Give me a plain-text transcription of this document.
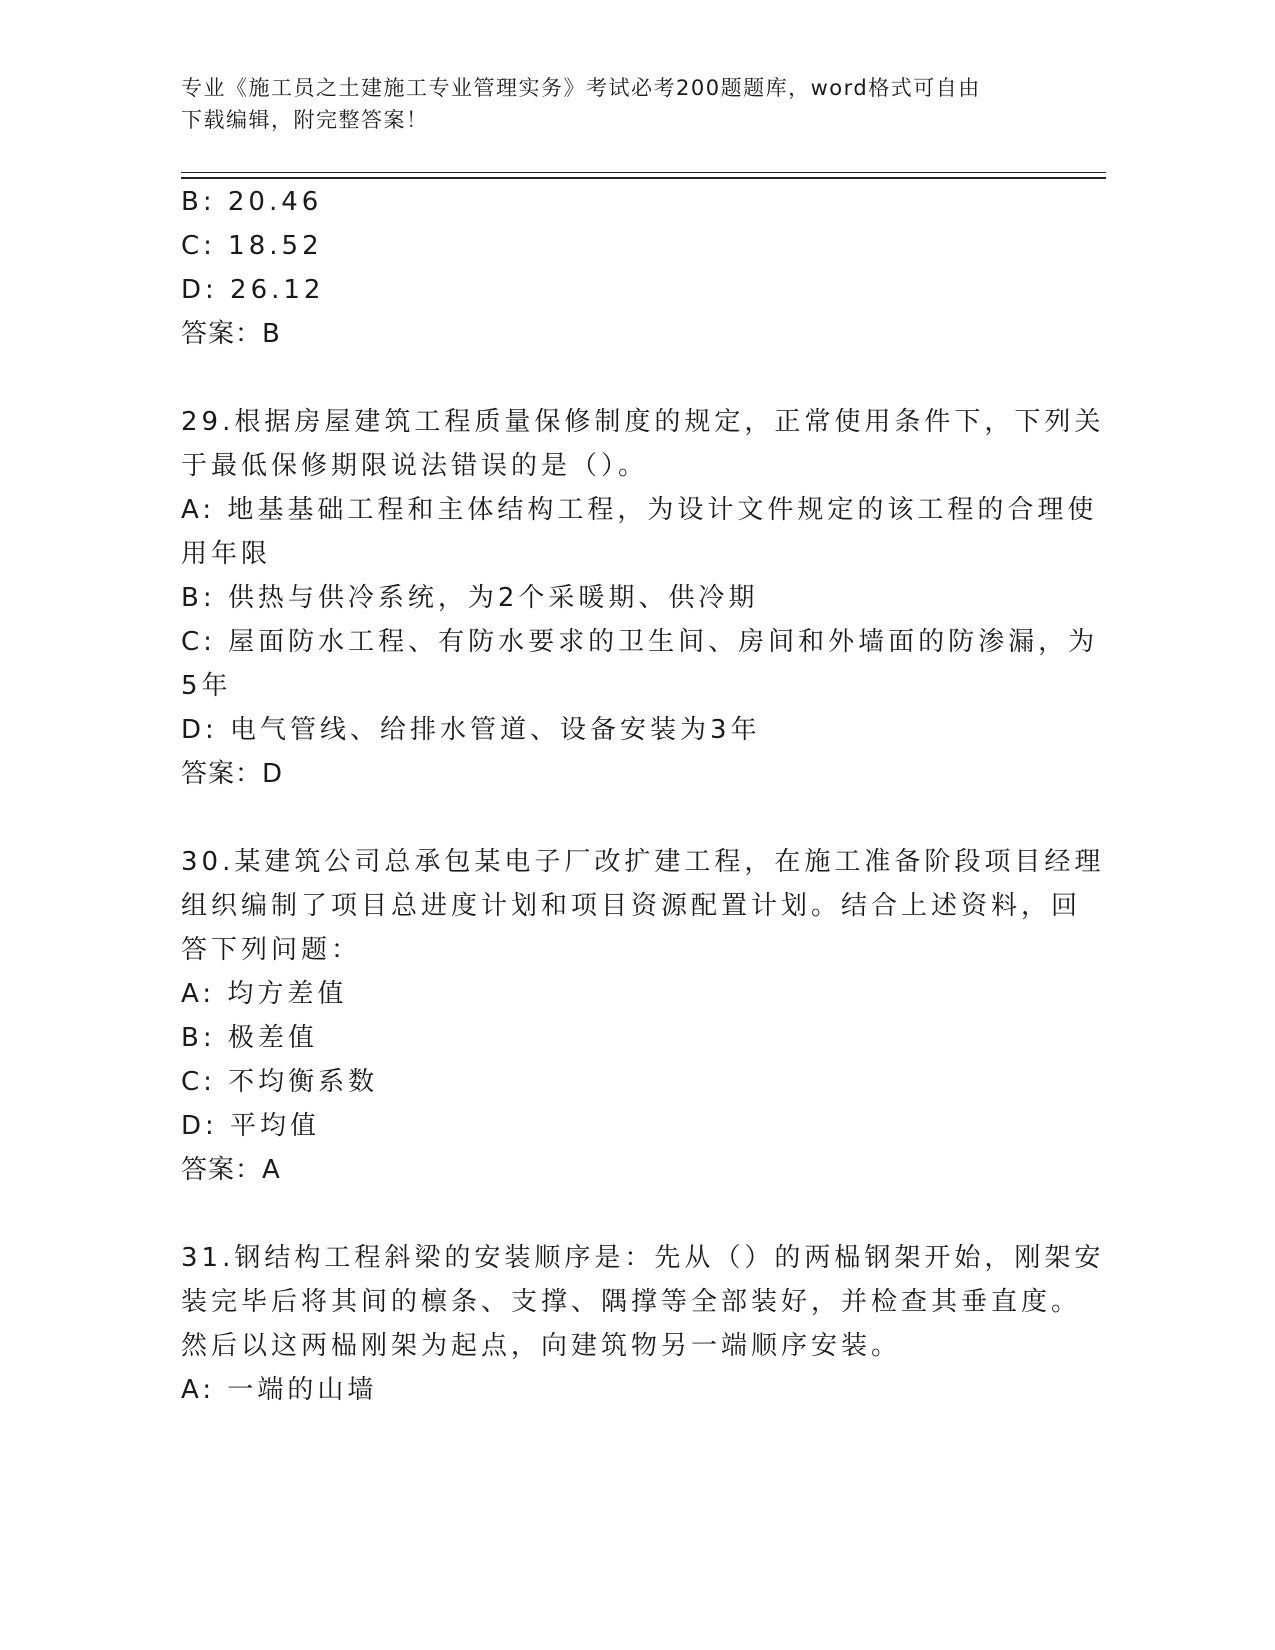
专业《施工员之土建施工专业管理实务》考试必考200题题库，word格式可自由
下载编辑，附完整答案！
B: 20.46
C: 18.52
D: 26.12
答案：B
29.根据房屋建筑工程质量保修制度的规定，正常使用条件下，下列关
于最低保修期限说法错误的是（）。
A: 地基基础工程和主体结构工程，为设计文件规定的该工程的合理使
用年限
B: 供热与供冷系统，为2个采暖期、供冷期
C: 屋面防水工程、有防水要求的卫生间、房间和外墙面的防渗漏，为
5年
D: 电气管线、给排水管道、设备安装为3年
答案：D
30.某建筑公司总承包某电子厂改扩建工程，在施工准备阶段项目经理
组织编制了项目总进度计划和项目资源配置计划。结合上述资料，回
答下列问题：
A: 均方差值
B: 极差值
C: 不均衡系数
D: 平均值
答案：A
31.钢结构工程斜梁的安装顺序是：先从（）的两榀钢架开始，刚架安
装完毕后将其间的檩条、支撑、隅撑等全部装好，并检查其垂直度。
然后以这两榀刚架为起点，向建筑物另一端顺序安装。
A: 一端的山墙
